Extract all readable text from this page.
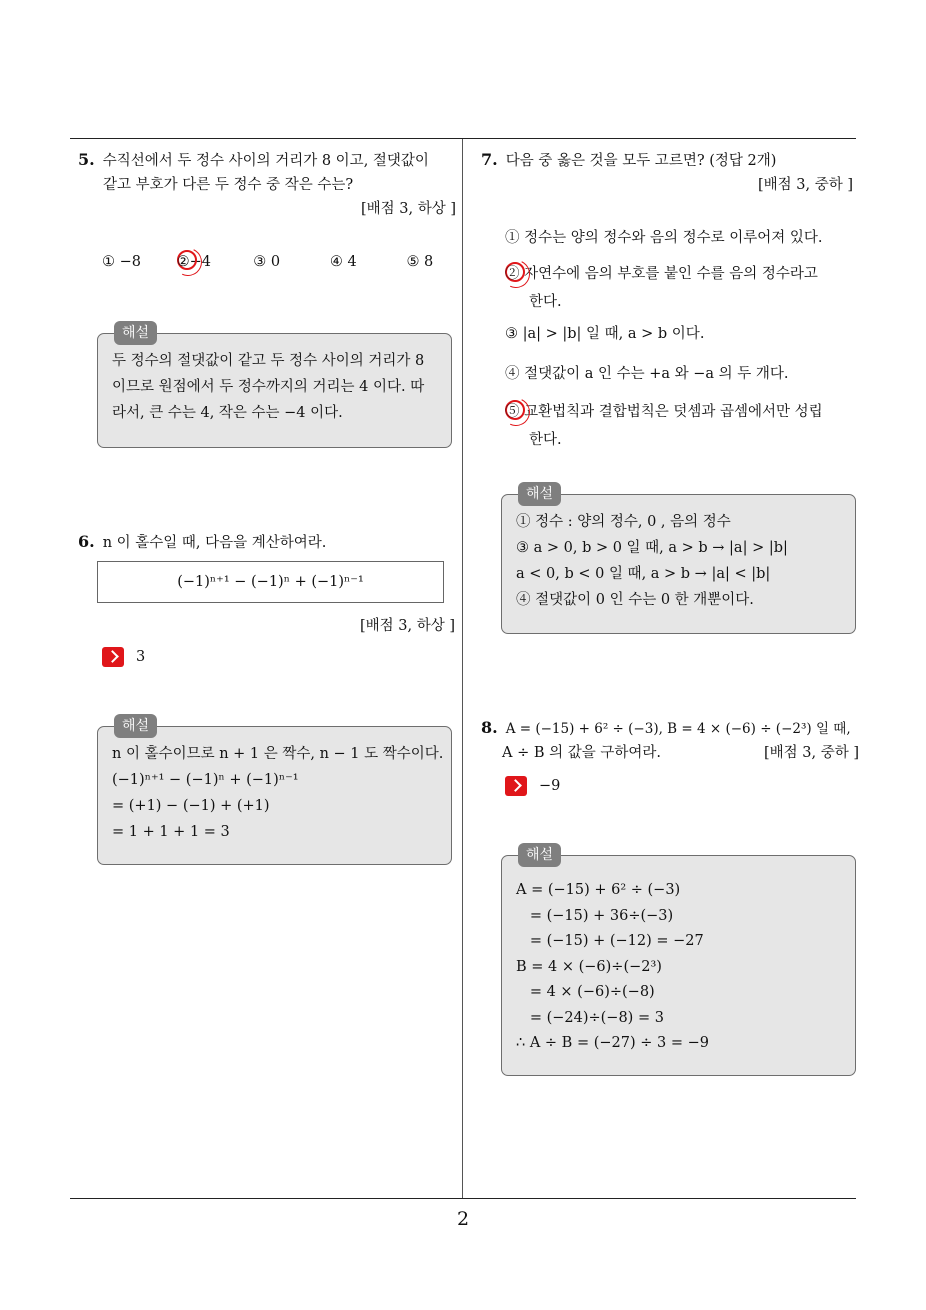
2
5. 수직선에서 두 정수 사이의 거리가 8 이고, 절댓값이
같고 부호가 다른 두 정수 중 작은 수는?
[배점 3, 하상 ]
① −8 ②−4	③ 0	④ 4	⑤ 8
해설
두 정수의 절댓값이 같고 두 정수 사이의 거리가 8
이므로 원점에서 두 정수까지의 거리는 4 이다. 따
라서, 큰 수는 4, 작은 수는 −4 이다.
6. n 이 홀수일 때, 다음을 계산하여라.
(−1)ⁿ⁺¹ − (−1)ⁿ + (−1)ⁿ⁻¹
[배점 3, 하상 ]
3
해설
n 이 홀수이므로 n + 1 은 짝수, n − 1 도 짝수이다.
(−1)ⁿ⁺¹ − (−1)ⁿ + (−1)ⁿ⁻¹
= (+1) − (−1) + (+1)
= 1 + 1 + 1 = 3
7. 다음 중 옳은 것을 모두 고르면? (정답 2개)
[배점 3, 중하 ]
① 정수는 양의 정수와 음의 정수로 이루어져 있다.
② 자연수에 음의 부호를 붙인 수를 음의 정수라고
한다.
③ |a| > |b| 일 때, a > b 이다.
④ 절댓값이 a 인 수는 +a 와 −a 의 두 개다.
⑤ 교환법칙과 결합법칙은 덧셈과 곱셈에서만 성립
한다.
해설
① 정수 : 양의 정수, 0 , 음의 정수
③ a > 0, b > 0 일 때, a > b → |a| > |b|
a < 0, b < 0 일 때, a > b → |a| < |b|
④ 절댓값이 0 인 수는 0 한 개뿐이다.
8. A = (−15) + 6² ÷ (−3), B = 4 × (−6) ÷ (−2³) 일 때,
A ÷ B 의 값을 구하여라.	[배점 3, 중하 ]
−9
해설
A = (−15) + 6² ÷ (−3)
= (−15) + 36÷(−3)
= (−15) + (−12) = −27
B = 4 × (−6)÷(−2³)
= 4 × (−6)÷(−8)
= (−24)÷(−8) = 3
∴ A ÷ B = (−27) ÷ 3 = −9
